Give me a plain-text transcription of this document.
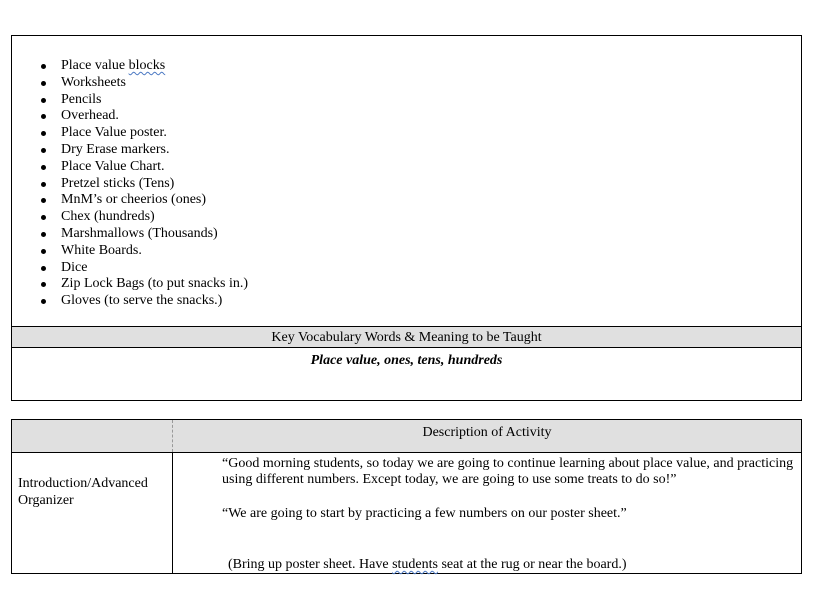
Place value blocks
Worksheets
Pencils
Overhead.
Place Value poster.
Dry Erase markers.
Place Value Chart.
Pretzel sticks (Tens)
MnM’s or cheerios (ones)
Chex (hundreds)
Marshmallows (Thousands)
White Boards.
Dice
Zip Lock Bags (to put snacks in.)
Gloves (to serve the snacks.)
Key Vocabulary Words & Meaning to be Taught
Place value, ones, tens, hundreds
Description of Activity
Introduction/Advanced Organizer
“Good morning students, so today we are going to continue learning about place value, and practicing using different numbers. Except today, we are going to use some treats to do so!”
“We are going to start by practicing a few numbers on our poster sheet.”
(Bring up poster sheet. Have students seat at the rug or near the board.)
